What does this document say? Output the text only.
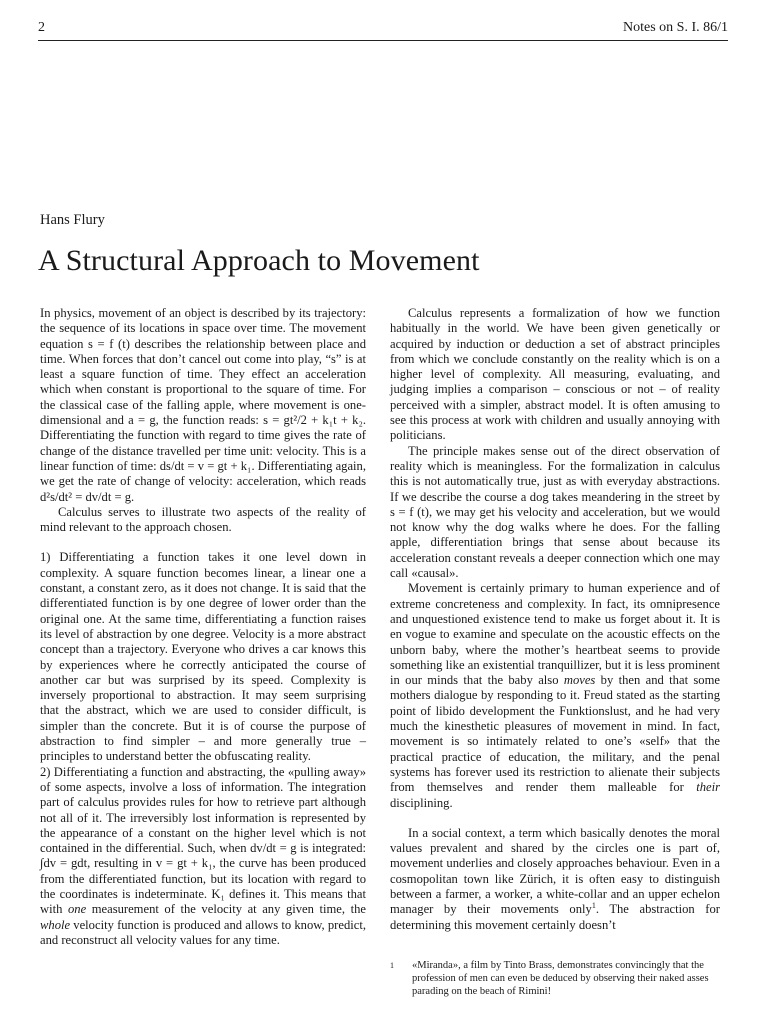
2	Notes on S. I. 86/1
Hans Flury
A Structural Approach to Movement

In physics, movement of an object is described by its trajectory: the sequence of its locations in space over time. The movement equation s = f (t) describes the relationship between place and time. When forces that don’t cancel out come into play, “s” is at least a square function of time. They effect an acceleration which when constant is proportional to the square of time. For the classical case of the falling apple, where movement is one-dimensional and a = g, the function reads: s = gt²/2 + k₁t + k₂. Differentiating the function with regard to time gives the rate of change of the distance travelled per time unit: velocity. This is a linear function of time: ds/dt = v = gt + k₁. Differentiating again, we get the rate of change of velocity: acceleration, which reads d²s/dt² = dv/dt = g.

Calculus serves to illustrate two aspects of the reality of mind relevant to the approach chosen.

1) Differentiating a function takes it one level down in complexity. A square function becomes linear, a linear one a constant, a constant zero, as it does not change. It is said that the differentiated function is by one degree of lower order than the original one. At the same time, differentiating a function raises its level of abstraction by one degree. Velocity is a more abstract concept than a trajectory. Everyone who drives a car knows this by experiences where he correctly anticipated the course of another car but was surprised by its speed. Complexity is inversely proportional to abstraction. It may seem surprising that the abstract, which we are used to consider difficult, is simpler than the concrete. But it is of course the purpose of abstraction to find simpler – and more generally true – principles to understand better the obfuscating reality.

2) Differentiating a function and abstracting, the «pulling away» of some aspects, involve a loss of information. The integration part of calculus provides rules for how to retrieve part although not all of it. The irreversibly lost information is represented by the appearance of a constant on the higher level which is not contained in the differential. Such, when dv/dt = g is integrated: ∫dv = gdt, resulting in v = gt + k₁, the curve has been produced from the differentiated function, but its location with regard to the coordinates is indeterminate. K₁ defines it. This means that with one measurement of the velocity at any given time, the whole velocity function is produced and allows to know, predict, and reconstruct all velocity values for any time.

Calculus represents a formalization of how we function habitually in the world. We have been given genetically or acquired by induction or deduction a set of abstract principles from which we conclude constantly on the reality which is on a higher level of complexity. All measuring, evaluating, and judging implies a comparison – conscious or not – of reality perceived with a simpler, abstract model. It is often amusing to see this process at work with children and usually annoying with politicians.

The principle makes sense out of the direct observation of reality which is meaningless. For the formalization in calculus this is not automatically true, just as with everyday abstractions. If we describe the course a dog takes meandering in the street by s = f (t), we may get his velocity and acceleration, but we would not know why the dog walks where he does. For the falling apple, differentiation brings that sense about because its acceleration constant reveals a deeper connection which one may call «causal».

Movement is certainly primary to human experience and of extreme concreteness and complexity. In fact, its omnipresence and unquestioned existence tend to make us forget about it. It is en vogue to examine and speculate on the acoustic effects on the unborn baby, where the mother’s heartbeat seems to provide something like an existential tranquillizer, but it is less prominent in our minds that the baby also moves by then and that some mothers dialogue by responding to it. Freud stated as the starting point of libido development the Funktionslust, and he had very much the kinesthetic pleasures of movement in mind. In fact, movement is so intimately related to one’s «self» that the practical practice of education, the military, and the penal systems has forever used its restriction to alienate their subjects from themselves and render them malleable for their disciplining.

In a social context, a term which basically denotes the moral values prevalent and shared by the circles one is part of, movement underlies and closely approaches behaviour. Even in a cosmopolitan town like Zürich, it is often easy to distinguish between a farmer, a worker, a white-collar and an upper echelon manager by their movements only$^1$. The abstraction for determining this movement certainly doesn’t

1	«Miranda», a film by Tinto Brass, demonstrates convincingly that the profession of men can even be deduced by observing their naked asses parading on the beach of Rimini!
